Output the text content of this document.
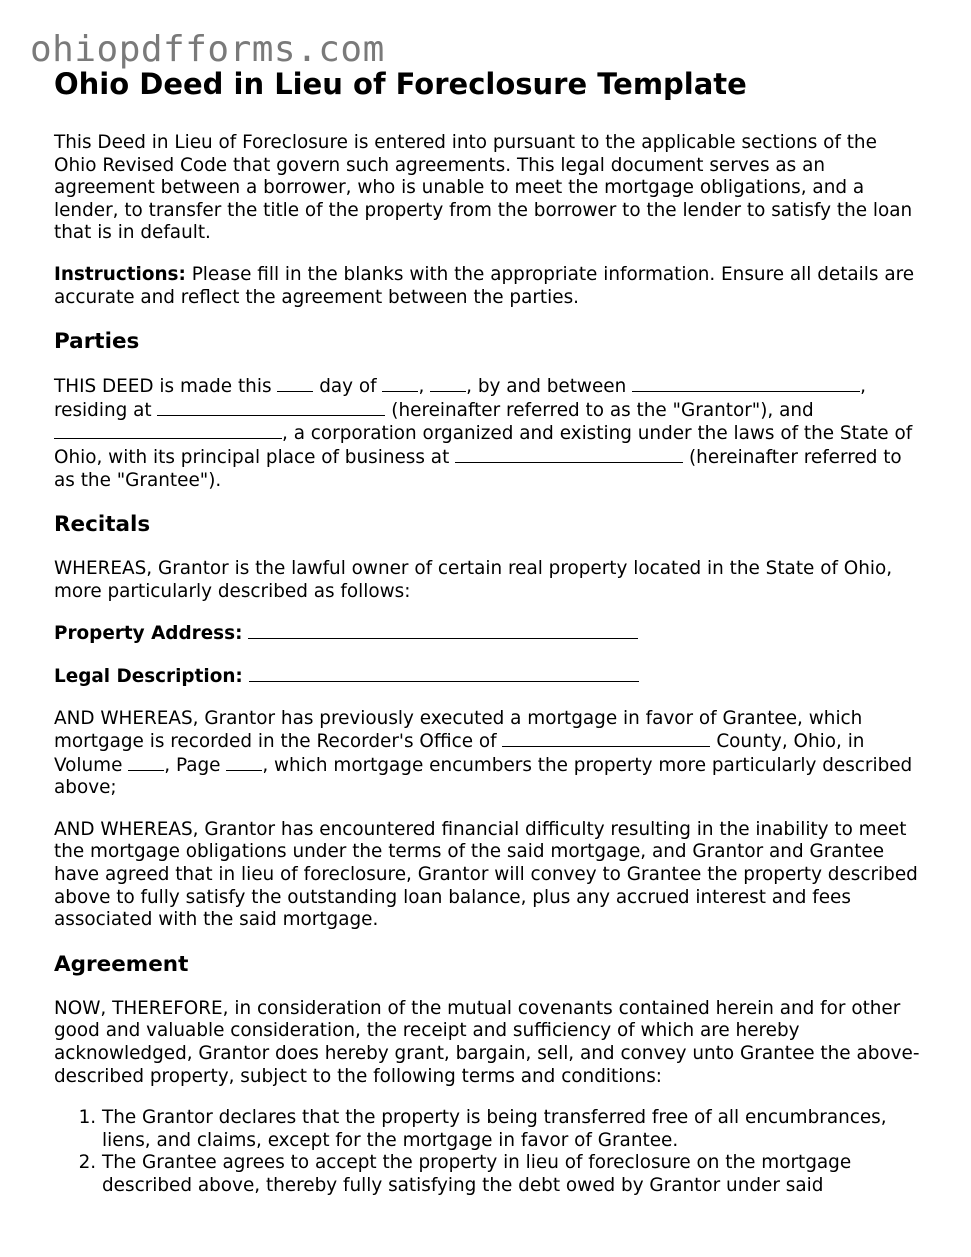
ohiopdfforms.com
Ohio Deed in Lieu of Foreclosure Template

This Deed in Lieu of Foreclosure is entered into pursuant to the applicable sections of the Ohio Revised Code that govern such agreements. This legal document serves as an agreement between a borrower, who is unable to meet the mortgage obligations, and a lender, to transfer the title of the property from the borrower to the lender to satisfy the loan that is in default.

Instructions: Please fill in the blanks with the appropriate information. Ensure all details are accurate and reflect the agreement between the parties.

Parties

THIS DEED is made this  day of , , by and between	, residing at	(hereinafter referred to as the "Grantor"), and , a corporation organized and existing under the laws of the State of Ohio, with its principal place of business at	(hereinafter referred to as the "Grantee").

Recitals

WHEREAS, Grantor is the lawful owner of certain real property located in the State of Ohio, more particularly described as follows:

Property Address:

Legal Description:

AND WHEREAS, Grantor has previously executed a mortgage in favor of Grantee, which mortgage is recorded in the Recorder's Office of	County, Ohio, in Volume , Page , which mortgage encumbers the property more particularly described above;

AND WHEREAS, Grantor has encountered financial difficulty resulting in the inability to meet the mortgage obligations under the terms of the said mortgage, and Grantor and Grantee have agreed that in lieu of foreclosure, Grantor will convey to Grantee the property described above to fully satisfy the outstanding loan balance, plus any accrued interest and fees associated with the said mortgage.

Agreement

NOW, THEREFORE, in consideration of the mutual covenants contained herein and for other good and valuable consideration, the receipt and sufficiency of which are hereby acknowledged, Grantor does hereby grant, bargain, sell, and convey unto Grantee the above-described property, subject to the following terms and conditions:

1. The Grantor declares that the property is being transferred free of all encumbrances, liens, and claims, except for the mortgage in favor of Grantee.
2. The Grantee agrees to accept the property in lieu of foreclosure on the mortgage described above, thereby fully satisfying the debt owed by Grantor under said
